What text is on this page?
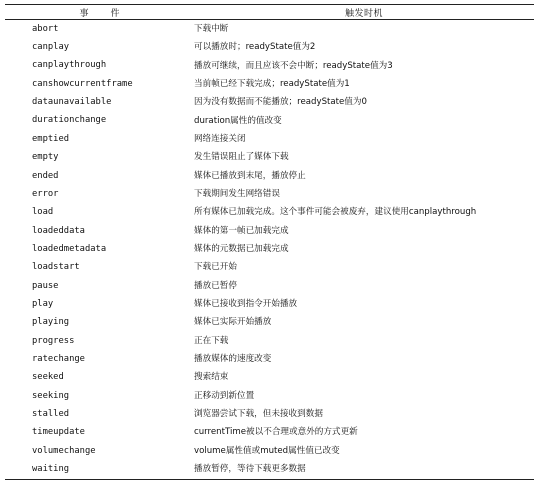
事件	触发时机
abort	下载中断
canplay	可以播放时；readyState值为2
canplaythrough	播放可继续，而且应该不会中断；readyState值为3
canshowcurrentframe	当前帧已经下载完成；readyState值为1
dataunavailable	因为没有数据而不能播放；readyState值为0
durationchange	duration属性的值改变
emptied	网络连接关闭
empty	发生错误阻止了媒体下载
ended	媒体已播放到末尾，播放停止
error	下载期间发生网络错误
load	所有媒体已加载完成。这个事件可能会被废弃，建议使用canplaythrough
loadeddata	媒体的第一帧已加载完成
loadedmetadata	媒体的元数据已加载完成
loadstart	下载已开始
pause	播放已暂停
play	媒体已接收到指令开始播放
playing	媒体已实际开始播放
progress	正在下载
ratechange	播放媒体的速度改变
seeked	搜索结束
seeking	正移动到新位置
stalled	浏览器尝试下载，但未接收到数据
timeupdate	currentTime被以不合理或意外的方式更新
volumechange	volume属性值或muted属性值已改变
waiting	播放暂停，等待下载更多数据
